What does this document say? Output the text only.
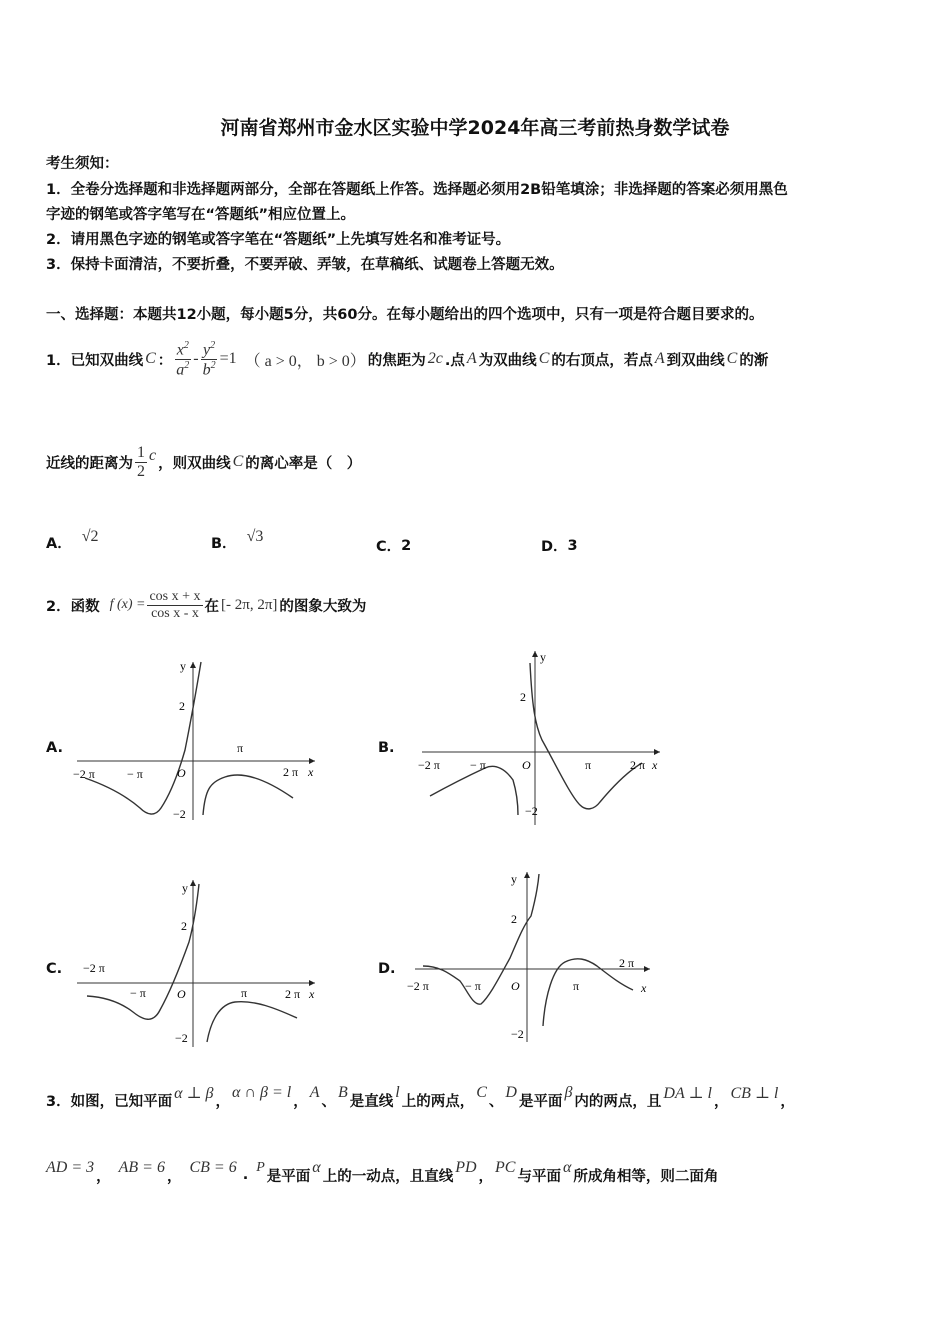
河南省郑州市金水区实验中学2024年高三考前热身数学试卷
考生须知：
1．全卷分选择题和非选择题两部分，全部在答题纸上作答。选择题必须用2B铅笔填涂；非选择题的答案必须用黑色
字迹的钢笔或答字笔写在“答题纸”相应位置上。
2．请用黑色字迹的钢笔或答字笔在“答题纸”上先填写姓名和准考证号。
3．保持卡面清洁，不要折叠，不要弄破、弄皱，在草稿纸、试题卷上答题无效。
一、选择题：本题共12小题，每小题5分，共60分。在每小题给出的四个选项中，只有一项是符合题目要求的。
1．已知双曲线 C ： $\frac{x^2}{a^2} - \frac{y^2}{b^2} =1$ （ a > 0， b > 0） 的焦距为 2c .点 A 为双曲线 C 的右顶点，若点 A 到双曲线 C 的渐
近线的距离为 $\frac{1}{2}$ c ，则双曲线 C 的离心率是（　）
A． √2	B． √3
C． 2	D． 3
2．函数 f $(x) = \frac{\text{cos x + x}}{\text{cos x - x}}$ 在 [- 2π, 2π] 的图象大致为
A.	B.
C.	D.
y
2
−2
−2 π	− π	O
π
2 π x
y
2
−2
−2 π	− π	O	π	2 π x
y
2
−2
−2 π
− π	O	π	2 π x
y
2
−2
−2 π	− π	O	π
2 π
x
3．如图，已知平面 α ⊥ β ，
α ∩ β = l
，
A
、
B
是直线
l
上的两点，
C
、
D
是平面
β
内的两点，且 DA ⊥ l ， CB ⊥ l ，
AD = 3
，
AB = 6
，
CB = 6 . P
是平面
α
上的一动点，且直线
PD
，
PC
与平面
α
所成角相等，则二面角
